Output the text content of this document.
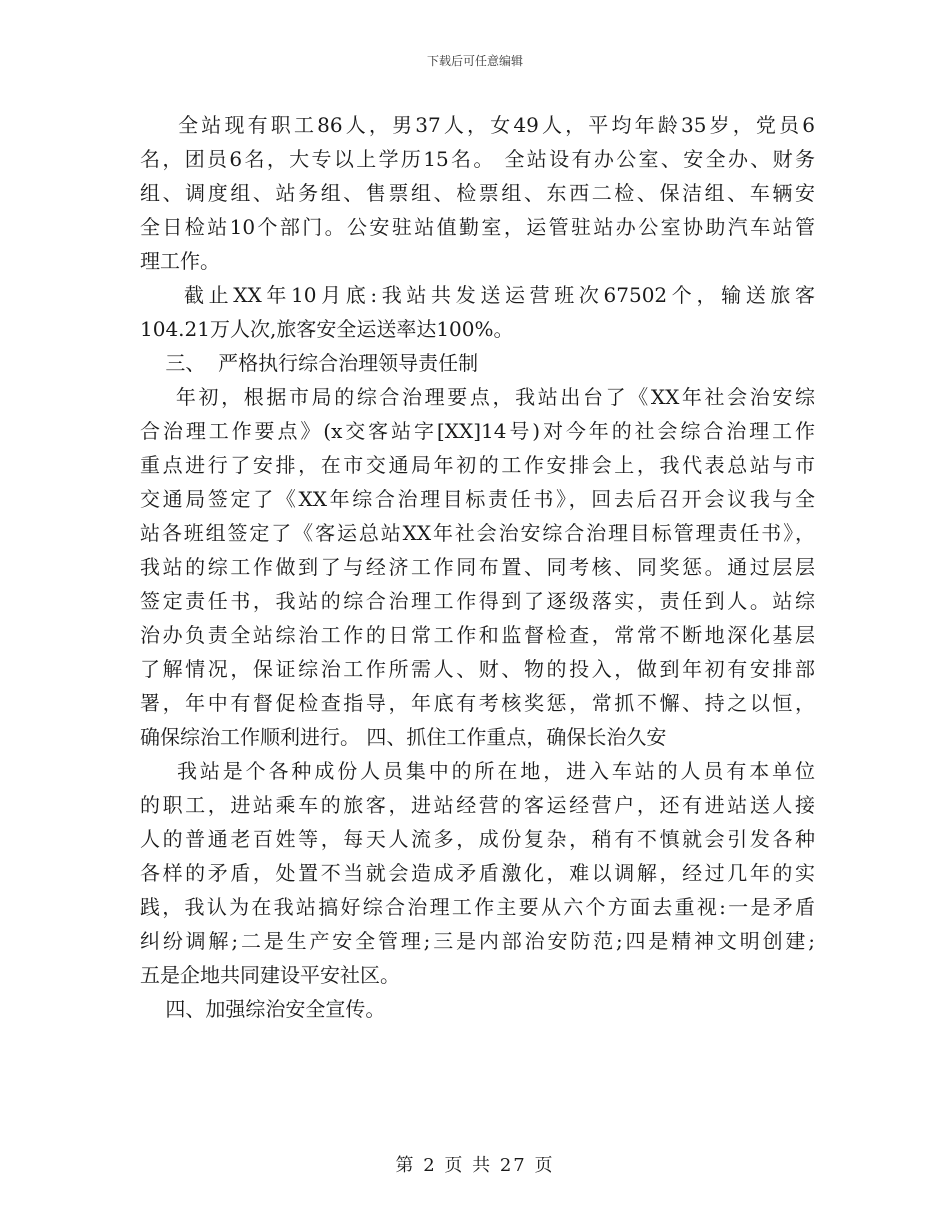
下载后可任意编辑
全站现有职工86人，男37人，女49人，平均年龄35岁，党员6
名，团员6名，大专以上学历15名。 全站设有办公室、安全办、财务
组、调度组、站务组、售票组、检票组、东西二检、保洁组、车辆安
全日检站10个部门。公安驻站值勤室，运管驻站办公室协助汽车站管
理工作。
截止XX年10月底:我站共发送运营班次67502个，输送旅客
104.21万人次,旅客安全运送率达100%。
三、  严格执行综合治理领导责任制
年初，根据市局的综合治理要点，我站出台了《XX年社会治安综
合治理工作要点》(x交客站字[XX]14号)对今年的社会综合治理工作
重点进行了安排，在市交通局年初的工作安排会上，我代表总站与市
交通局签定了《XX年综合治理目标责任书》，回去后召开会议我与全
站各班组签定了《客运总站XX年社会治安综合治理目标管理责任书》，
我站的综工作做到了与经济工作同布置、同考核、同奖惩。通过层层
签定责任书，我站的综合治理工作得到了逐级落实，责任到人。站综
治办负责全站综治工作的日常工作和监督检查，常常不断地深化基层
了解情况，保证综治工作所需人、财、物的投入，做到年初有安排部
署，年中有督促检查指导，年底有考核奖惩，常抓不懈、持之以恒，
确保综治工作顺利进行。 四、抓住工作重点，确保长治久安
我站是个各种成份人员集中的所在地，进入车站的人员有本单位
的职工，进站乘车的旅客，进站经营的客运经营户，还有进站送人接
人的普通老百姓等，每天人流多，成份复杂，稍有不慎就会引发各种
各样的矛盾，处置不当就会造成矛盾激化，难以调解，经过几年的实
践，我认为在我站搞好综合治理工作主要从六个方面去重视:一是矛盾
纠纷调解;二是生产安全管理;三是内部治安防范;四是精神文明创建;
五是企地共同建设平安社区。
四、加强综治安全宣传。
第 2 页 共 27 页
